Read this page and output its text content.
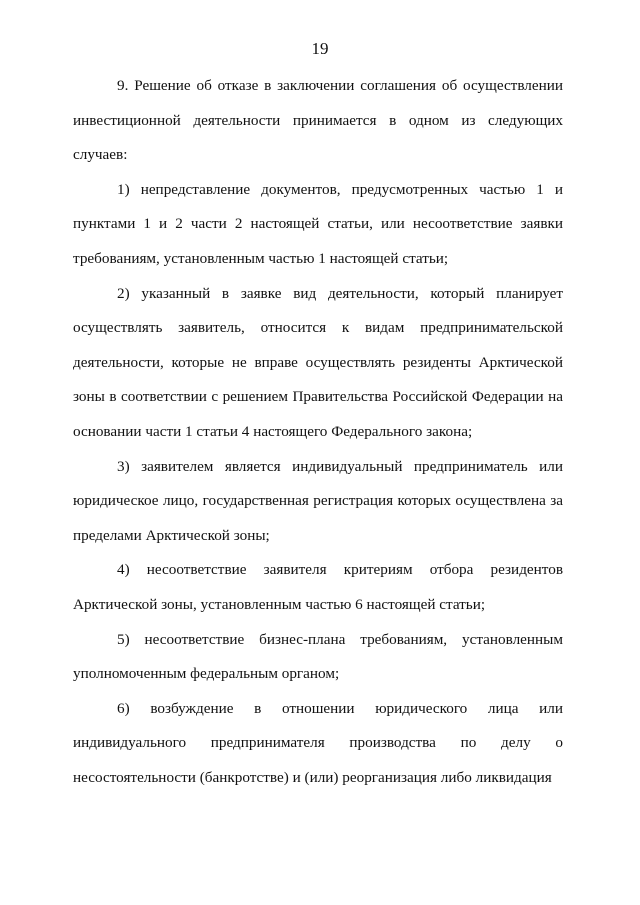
19

9. Решение об отказе в заключении соглашения об осуществлении инвестиционной деятельности принимается в одном из следующих случаев:

1) непредставление документов, предусмотренных частью 1 и пунктами 1 и 2 части 2 настоящей статьи, или несоответствие заявки требованиям, установленным частью 1 настоящей статьи;

2) указанный в заявке вид деятельности, который планирует осуществлять заявитель, относится к видам предпринимательской деятельности, которые не вправе осуществлять резиденты Арктической зоны в соответствии с решением Правительства Российской Федерации на основании части 1 статьи 4 настоящего Федерального закона;

3) заявителем является индивидуальный предприниматель или юридическое лицо, государственная регистрация которых осуществлена за пределами Арктической зоны;

4) несоответствие заявителя критериям отбора резидентов Арктической зоны, установленным частью 6 настоящей статьи;

5) несоответствие бизнес-плана требованиям, установленным уполномоченным федеральным органом;

6) возбуждение в отношении юридического лица или индивидуального предпринимателя производства по делу о несостоятельности (банкротстве) и (или) реорганизация либо ликвидация
